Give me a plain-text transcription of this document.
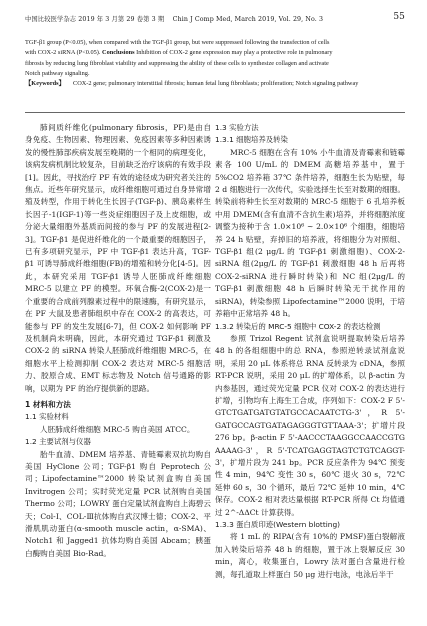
中国比较医学杂志 2019 年 3 月第 29 卷第 3 期 Chin J Comp Med, March 2019, Vol. 29, No. 3	55
TGF-β1 group (P<0.05), when compared with the TGF-β1 group, but were suppressed following the transfection of cells
with COX-2 siRNA (P<0.05). Conclusions Inhibition of COX-2 gene expression may play a protective role in pulmonary
fibrosis by reducing lung fibroblast viability and suppressing the ability of these cells to synthesize collagen and activate
Notch pathway signaling.
【Keywords】	COX-2 gene; pulmonary interstitial fibrosis; human fetal lung fibroblasts; proliferation; Notch signaling pathway

肺间质纤维化(pulmonary fibrosis，PF)是由自身免疫、生物因素、物理因素、免疫因素等多种因素诱发的慢性肺部疾病发展至晚期的一个相同的病理变化，该病发病机制比较复杂，目前缺乏治疗该病的有效手段[1]。因此，寻找治疗 PF 有效的途径成为研究者关注的焦点。近些年研究显示，成纤维细胞可通过自身异常增殖及转型，作用于转化生长因子(TGF-β)、胰岛素样生长因子-1(IGF-1)等一些炎症细胞因子及上皮细胞，或分泌大量细胞外基质而间接的参与 PF 的发展进程[2-3]。TGF-β1 是促进纤维化的一个最重要的细胞因子，已有多项研究显示，PF 中 TGF-β1 表达升高，TGF-β1 可诱导肺成纤维细胞(FB)的增殖和转分化[4-5]。因此，本研究采用 TGF-β1 诱导人胚肺成纤维细胞 MRC-5 以建立 PF 的模型。环氧合酶-2(COX-2)是一个重要的合成前列腺素过程中的限速酶，有研究显示，在 PF 大鼠及患者肺组织中存在 COX-2 的高表达，可能参与 PF 的发生发展[6-7]，但 COX-2 如何影响 PF 及机制尚未明确，因此，本研究通过 TGF-β1 刺激及 COX-2 的 siRNA 转染人胚肺成纤维细胞 MRC-5，在细胞水平上检测抑制 COX-2 表达对 MRC-5 细胞活力、胶原合成、EMT 标志物及 Notch 信号通路的影响，以期为 PF 的治疗提供新的思路。

1 材料和方法

1.1 实验材料

人胚肺成纤维细胞 MRC-5 购自美国 ATCC。

1.2 主要试剂与仪器

胎牛血清、DMEM 培养基、青链霉素双抗均购自美国 HyClone 公司；TGF-β1 购自 Peprotech 公司；Lipofectamine™2000 转染试剂盒购自美国 Invitrogen 公司；实时荧光定量 PCR 试剂购自美国 Thermo 公司；LOWRY 蛋白定量试剂盒购自上海碧云天；Col-Ⅰ、COL-Ⅲ抗体购自武汉博士德；COX-2、平滑肌肌动蛋白(α-smooth muscle actin，α-SMA)、Notch1 和 Jagged1 抗体均购自美国 Abcam；胰蛋白酶购自美国 Bio-Rad。

1.3 实验方法

1.3.1 细胞培养及转染

MRC-5 细胞在含有 10% 小牛血清及青霉素和链霉素各 100 U/mL 的 DMEM 高糖培养基中，置于 5%CO2 培养箱 37℃ 条件培养，细胞生长为贴壁，每 2 d 细胞进行一次传代，实验选择生长至对数期的细胞。转染前将种生长至对数期的 MRC-5 细胞于 6 孔培养板中用 DMEM(含有血清不含抗生素)培养，并将细胞浓度调整为接种于含 1.0×10⁶ ~ 2.0×10⁶ 个细胞，细胞培养 24 h 贴壁，弃掉旧的培养液，将细胞分为对照组、TGF-β1 组(2 μg/L 的 TGF-β1 刺激细胞)、COX-2-siRNA 组(2μg/L 的 TGF-β1 刺激细胞 48 h 后再将 COX-2-siRNA 进行瞬时转染)和 NC 组(2μg/L 的 TGF-β1 刺激细胞 48 h 后瞬时转染无干扰作用的 siRNA)，转染参照 Lipofectamine™2000 说明，于培养箱中正常培养 48 h。

1.3.2 转染后的 MRC-5 细胞中 COX-2 的表达检测

参照 Trizol Regent 试剂盒说明提取转染后培养 48 h 的各组细胞中的总 RNA，参照逆转录试剂盒说明，采用 20 μL 体系将总 RNA 反转录为 cDNA，参照 RT-PCR 说明，采用 20 μL 的扩增体系，以 β-actin 为内参基因，通过荧光定量 PCR 仪对 COX-2 的表达进行扩增，引物均有上海生工合成，序列如下：COX-2 F 5'-GTCTGATGATGTATGCCACAATCTG-3'，R 5'-GATGCCAGTGATAGAGGGTGTTAAA-3'；扩增片段 276 bp。β-actin F 5'-AACCCTAAGGCCAACCGTG AAAAG-3'，R 5'-TCATGAGGTAGTCTGTCAGGT-3'，扩增片段为 241 bp。PCR 反应条件为 94℃ 预变性 4 min，94℃ 变性 30 s，60℃ 退火 30 s，72℃ 延伸 60 s，30 个循环，最后 72℃ 延伸 10 min，4℃ 保存。COX-2 相对表达量根据 RT-PCR 所得 Ct 均值通过 2^-ΔΔCt 计算获得。

1.3.3 蛋白质印迹(Western blotting)

将 1 mL 的 RIPA(含有 10%的 PMSF)蛋白裂解液加入转染后培养 48 h 的细胞，置于冰上裂解反应 30 min，离心，收集蛋白，Lowry 法对蛋白含量进行检测，每孔道取上样蛋白 50 μg 进行电泳，电泳后半干
